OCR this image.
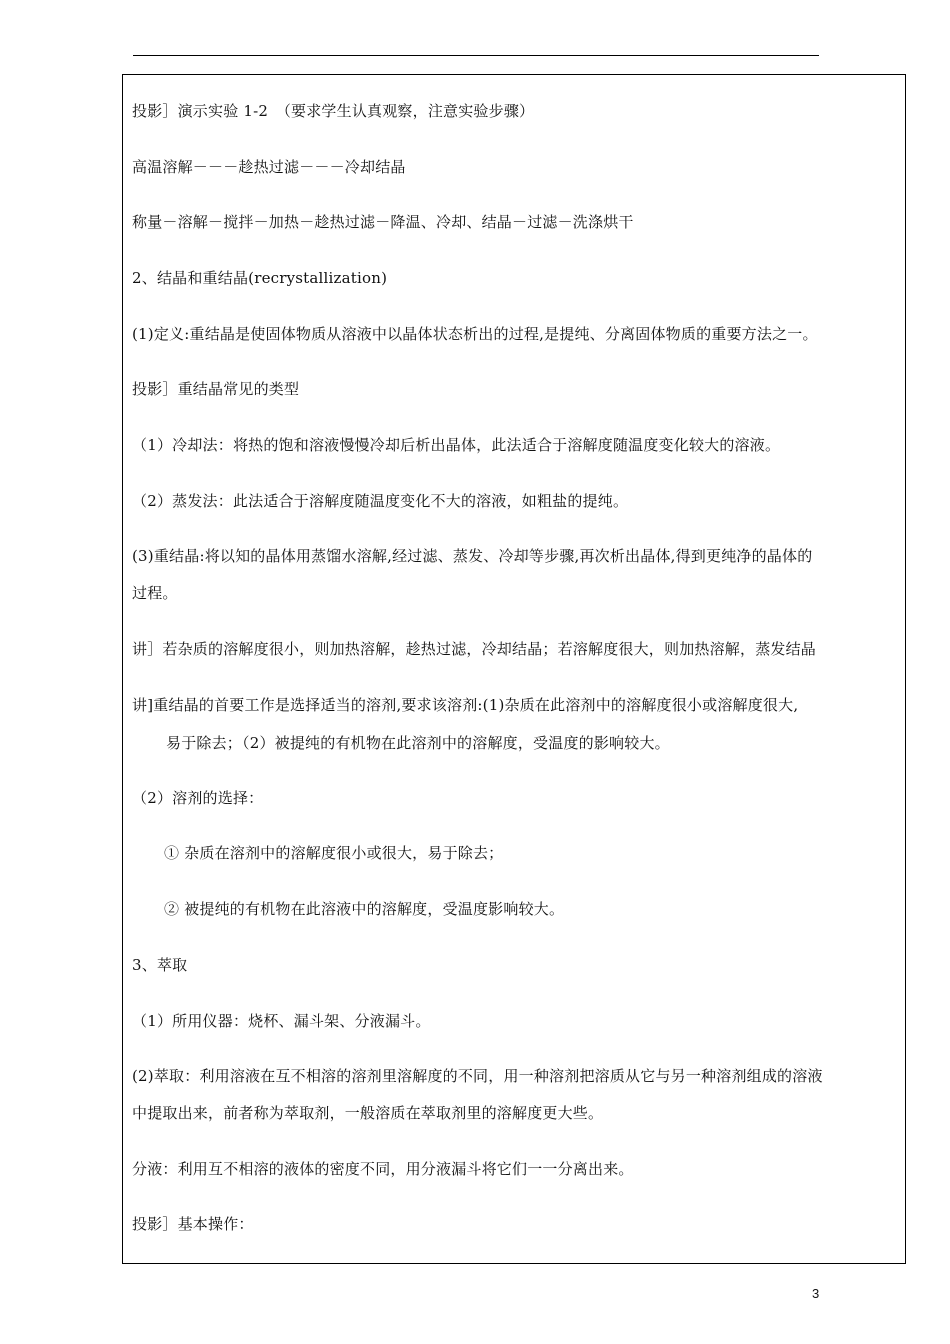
投影］演示实验 1-2　（要求学生认真观察，注意实验步骤）
高温溶解－－－趁热过滤－－－冷却结晶
称量－溶解－搅拌－加热－趁热过滤－降温、冷却、结晶－过滤－洗涤烘干
2、结晶和重结晶(recrystallization)
(1)定义:重结晶是使固体物质从溶液中以晶体状态析出的过程,是提纯、分离固体物质的重要方法之一。
投影］重结晶常见的类型
（1）冷却法：将热的饱和溶液慢慢冷却后析出晶体，此法适合于溶解度随温度变化较大的溶液。
（2）蒸发法：此法适合于溶解度随温度变化不大的溶液，如粗盐的提纯。
(3)重结晶:将以知的晶体用蒸馏水溶解,经过滤、蒸发、冷却等步骤,再次析出晶体,得到更纯净的晶体的
过程。
讲］若杂质的溶解度很小，则加热溶解，趁热过滤，冷却结晶；若溶解度很大，则加热溶解，蒸发结晶
讲]重结晶的首要工作是选择适当的溶剂,要求该溶剂:(1)杂质在此溶剂中的溶解度很小或溶解度很大,
易于除去；（2）被提纯的有机物在此溶剂中的溶解度，受温度的影响较大。
（2）溶剂的选择：
① 杂质在溶剂中的溶解度很小或很大，易于除去；
② 被提纯的有机物在此溶液中的溶解度，受温度影响较大。
3、萃取
（1）所用仪器：烧杯、漏斗架、分液漏斗。
(2)萃取：利用溶液在互不相溶的溶剂里溶解度的不同，用一种溶剂把溶质从它与另一种溶剂组成的溶液
中提取出来，前者称为萃取剂，一般溶质在萃取剂里的溶解度更大些。
分液：利用互不相溶的液体的密度不同，用分液漏斗将它们一一分离出来。
投影］基本操作：
3
